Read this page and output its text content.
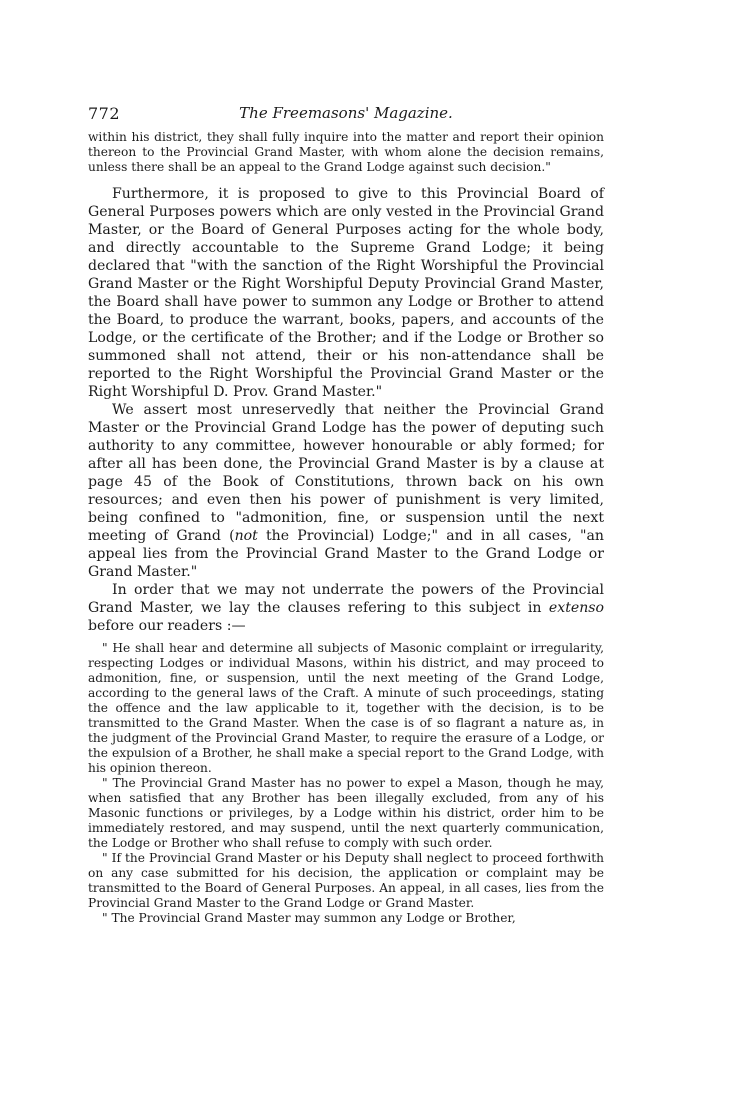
772	The Freemasons' Magazine.

within his district, they shall fully inquire into the matter and report their opinion thereon to the Provincial Grand Master, with whom alone the decision remains, unless there shall be an appeal to the Grand Lodge against such decision."

Furthermore, it is proposed to give to this Provincial Board of General Purposes powers which are only vested in the Provincial Grand Master, or the Board of General Purposes acting for the whole body, and directly accountable to the Supreme Grand Lodge; it being declared that "with the sanction of the Right Worshipful the Provincial Grand Master or the Right Worshipful Deputy Provincial Grand Master, the Board shall have power to summon any Lodge or Brother to attend the Board, to produce the warrant, books, papers, and accounts of the Lodge, or the certificate of the Brother; and if the Lodge or Brother so summoned shall not attend, their or his non-attendance shall be reported to the Right Worshipful the Provincial Grand Master or the Right Worshipful D. Prov. Grand Master."

We assert most unreservedly that neither the Provincial Grand Master or the Provincial Grand Lodge has the power of deputing such authority to any committee, however honourable or ably formed; for after all has been done, the Provincial Grand Master is by a clause at page 45 of the Book of Constitutions, thrown back on his own resources; and even then his power of punishment is very limited, being confined to "admonition, fine, or suspension until the next meeting of Grand (not the Provincial) Lodge;" and in all cases, "an appeal lies from the Provincial Grand Master to the Grand Lodge or Grand Master."

In order that we may not underrate the powers of the Provincial Grand Master, we lay the clauses refering to this subject in extenso before our readers :—

" He shall hear and determine all subjects of Masonic complaint or irregularity, respecting Lodges or individual Masons, within his district, and may proceed to admonition, fine, or suspension, until the next meeting of the Grand Lodge, according to the general laws of the Craft. A minute of such proceedings, stating the offence and the law applicable to it, together with the decision, is to be transmitted to the Grand Master. When the case is of so flagrant a nature as, in the judgment of the Provincial Grand Master, to require the erasure of a Lodge, or the expulsion of a Brother, he shall make a special report to the Grand Lodge, with his opinion thereon.

" The Provincial Grand Master has no power to expel a Mason, though he may, when satisfied that any Brother has been illegally excluded, from any of his Masonic functions or privileges, by a Lodge within his district, order him to be immediately restored, and may suspend, until the next quarterly communication, the Lodge or Brother who shall refuse to comply with such order.

" If the Provincial Grand Master or his Deputy shall neglect to proceed forthwith on any case submitted for his decision, the application or complaint may be transmitted to the Board of General Purposes. An appeal, in all cases, lies from the Provincial Grand Master to the Grand Lodge or Grand Master.

" The Provincial Grand Master may summon any Lodge or Brother,
